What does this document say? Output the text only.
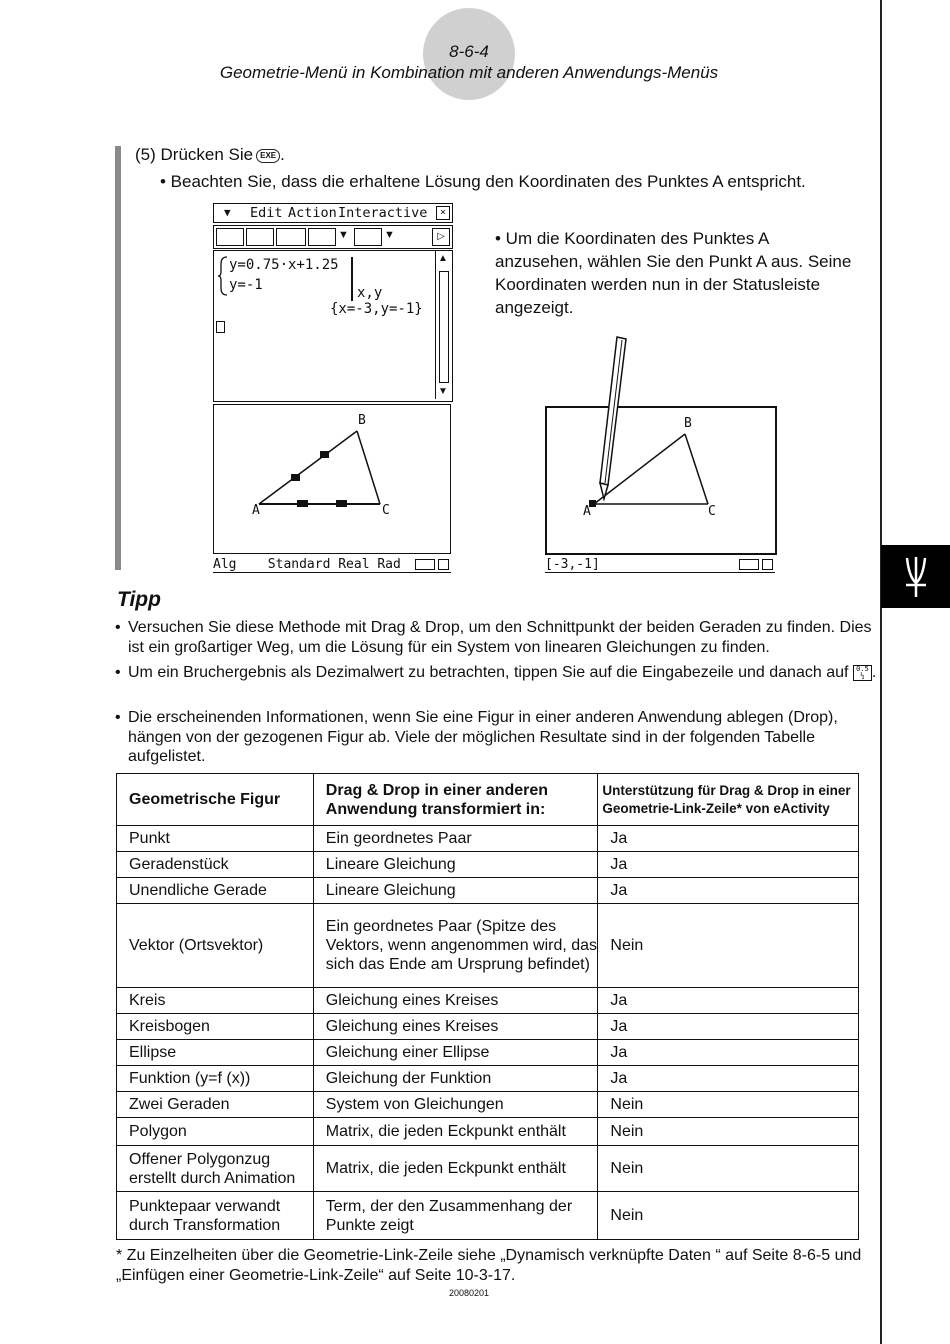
8-6-4
Geometrie-Menü in Kombination mit anderen Anwendungs-Menüs
(5) Drücken Sie EXE .
• Beachten Sie, dass die erhaltene Lösung den Koordinaten des Punktes A entspricht.
▼ Edit Action Interactive	×
▼	▼	▷
y=0.75·x+1.25
y=-1	x,y
{x=-3,y=-1}
▲
▼
B
A	C
Alg    Standard Real Rad
• Um die Koordinaten des Punktes A anzusehen, wählen Sie den Punkt A aus. Seine Koordinaten werden nun in der Statusleiste angezeigt.
B
A	C
[-3,-1]
Tipp
• Versuchen Sie diese Methode mit Drag & Drop, um den Schnittpunkt der beiden Geraden zu finden. Dies ist ein großartiger Weg, um die Lösung für ein System von linearen Gleichungen zu finden.
• Um ein Bruchergebnis als Dezimalwert zu betrachten, tippen Sie auf die Eingabezeile und danach auf 0.5 ½ .
• Die erscheinenden Informationen, wenn Sie eine Figur in einer anderen Anwendung ablegen (Drop), hängen von der gezogenen Figur ab. Viele der möglichen Resultate sind in der folgenden Tabelle aufgelistet.
Geometrische Figur	Drag & Drop in einer anderen Anwendung transformiert in:	Unterstützung für Drag & Drop in einer Geometrie-Link-Zeile* von eActivity
Punkt	Ein geordnetes Paar	Ja
Geradenstück	Lineare Gleichung	Ja
Unendliche Gerade	Lineare Gleichung	Ja
Vektor (Ortsvektor)	Ein geordnetes Paar (Spitze des Vektors, wenn angenommen wird, das sich das Ende am Ursprung befindet)	Nein
Kreis	Gleichung eines Kreises	Ja
Kreisbogen	Gleichung eines Kreises	Ja
Ellipse	Gleichung einer Ellipse	Ja
Funktion (y=f (x))	Gleichung der Funktion	Ja
Zwei Geraden	System von Gleichungen	Nein
Polygon	Matrix, die jeden Eckpunkt enthält	Nein
Offener Polygonzug erstellt durch Animation	Matrix, die jeden Eckpunkt enthält	Nein
Punktepaar verwandt durch Transformation	Term, der den Zusammenhang der Punkte zeigt	Nein
* Zu Einzelheiten über die Geometrie-Link-Zeile siehe „Dynamisch verknüpfte Daten “ auf Seite 8-6-5 und „Einfügen einer Geometrie-Link-Zeile“ auf Seite 10-3-17.
20080201
